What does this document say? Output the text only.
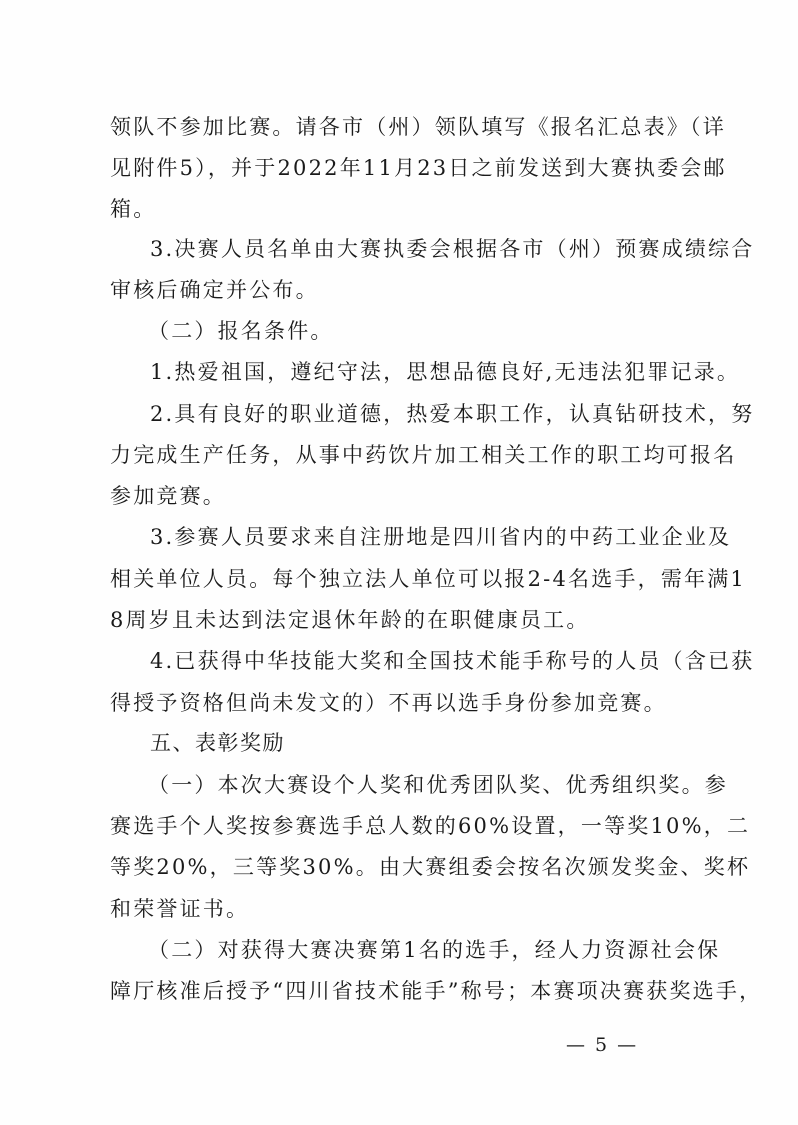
领队不参加比赛。请各市（州）领队填写《报名汇总表》（详
见附件5），并于2022年11月23日之前发送到大赛执委会邮
箱。
3.决赛人员名单由大赛执委会根据各市（州）预赛成绩综合
审核后确定并公布。
（二）报名条件。
1.热爱祖国，遵纪守法，思想品德良好,无违法犯罪记录。
2.具有良好的职业道德，热爱本职工作，认真钻研技术，努
力完成生产任务，从事中药饮片加工相关工作的职工均可报名
参加竞赛。
3.参赛人员要求来自注册地是四川省内的中药工业企业及
相关单位人员。每个独立法人单位可以报2-4名选手，需年满1
8周岁且未达到法定退休年龄的在职健康员工。
4.已获得中华技能大奖和全国技术能手称号的人员（含已获
得授予资格但尚未发文的）不再以选手身份参加竞赛。
五、表彰奖励
（一）本次大赛设个人奖和优秀团队奖、优秀组织奖。参
赛选手个人奖按参赛选手总人数的60%设置，一等奖10%，二
等奖20%，三等奖30%。由大赛组委会按名次颁发奖金、奖杯
和荣誉证书。
（二）对获得大赛决赛第1名的选手，经人力资源社会保
障厅核准后授予“四川省技术能手”称号；本赛项决赛获奖选手，
— 5 —
